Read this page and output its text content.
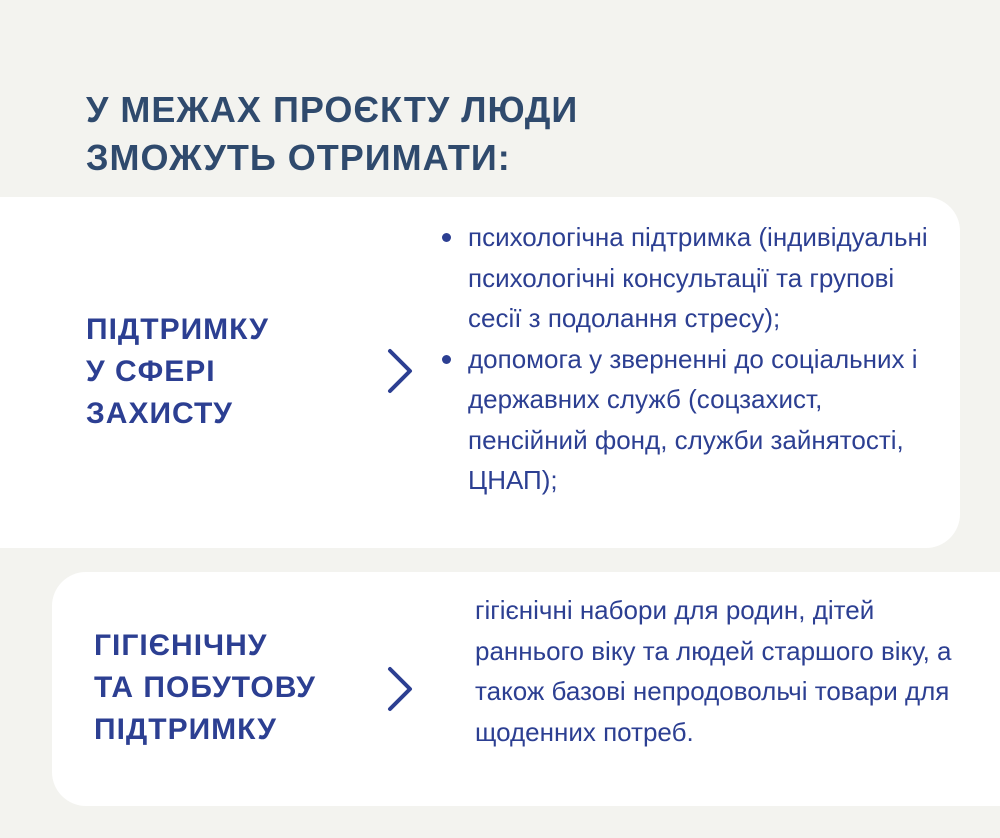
У МЕЖАХ ПРОЄКТУ ЛЮДИ
ЗМОЖУТЬ ОТРИМАТИ:
ПІДТРИМКУ
У СФЕРІ
ЗАХИСТУ
психологічна підтримка (індивідуальні психологічні консультації та групові сесії з подолання стресу);
допомога у зверненні до соціальних і державних служб (соцзахист, пенсійний фонд, служби зайнятості, ЦНАП);
ГІГІЄНІЧНУ
ТА ПОБУТОВУ
ПІДТРИМКУ

гігієнічні набори для родин, дітей раннього віку та людей старшого віку, а також базові непродовольчі товари для щоденних потреб.
